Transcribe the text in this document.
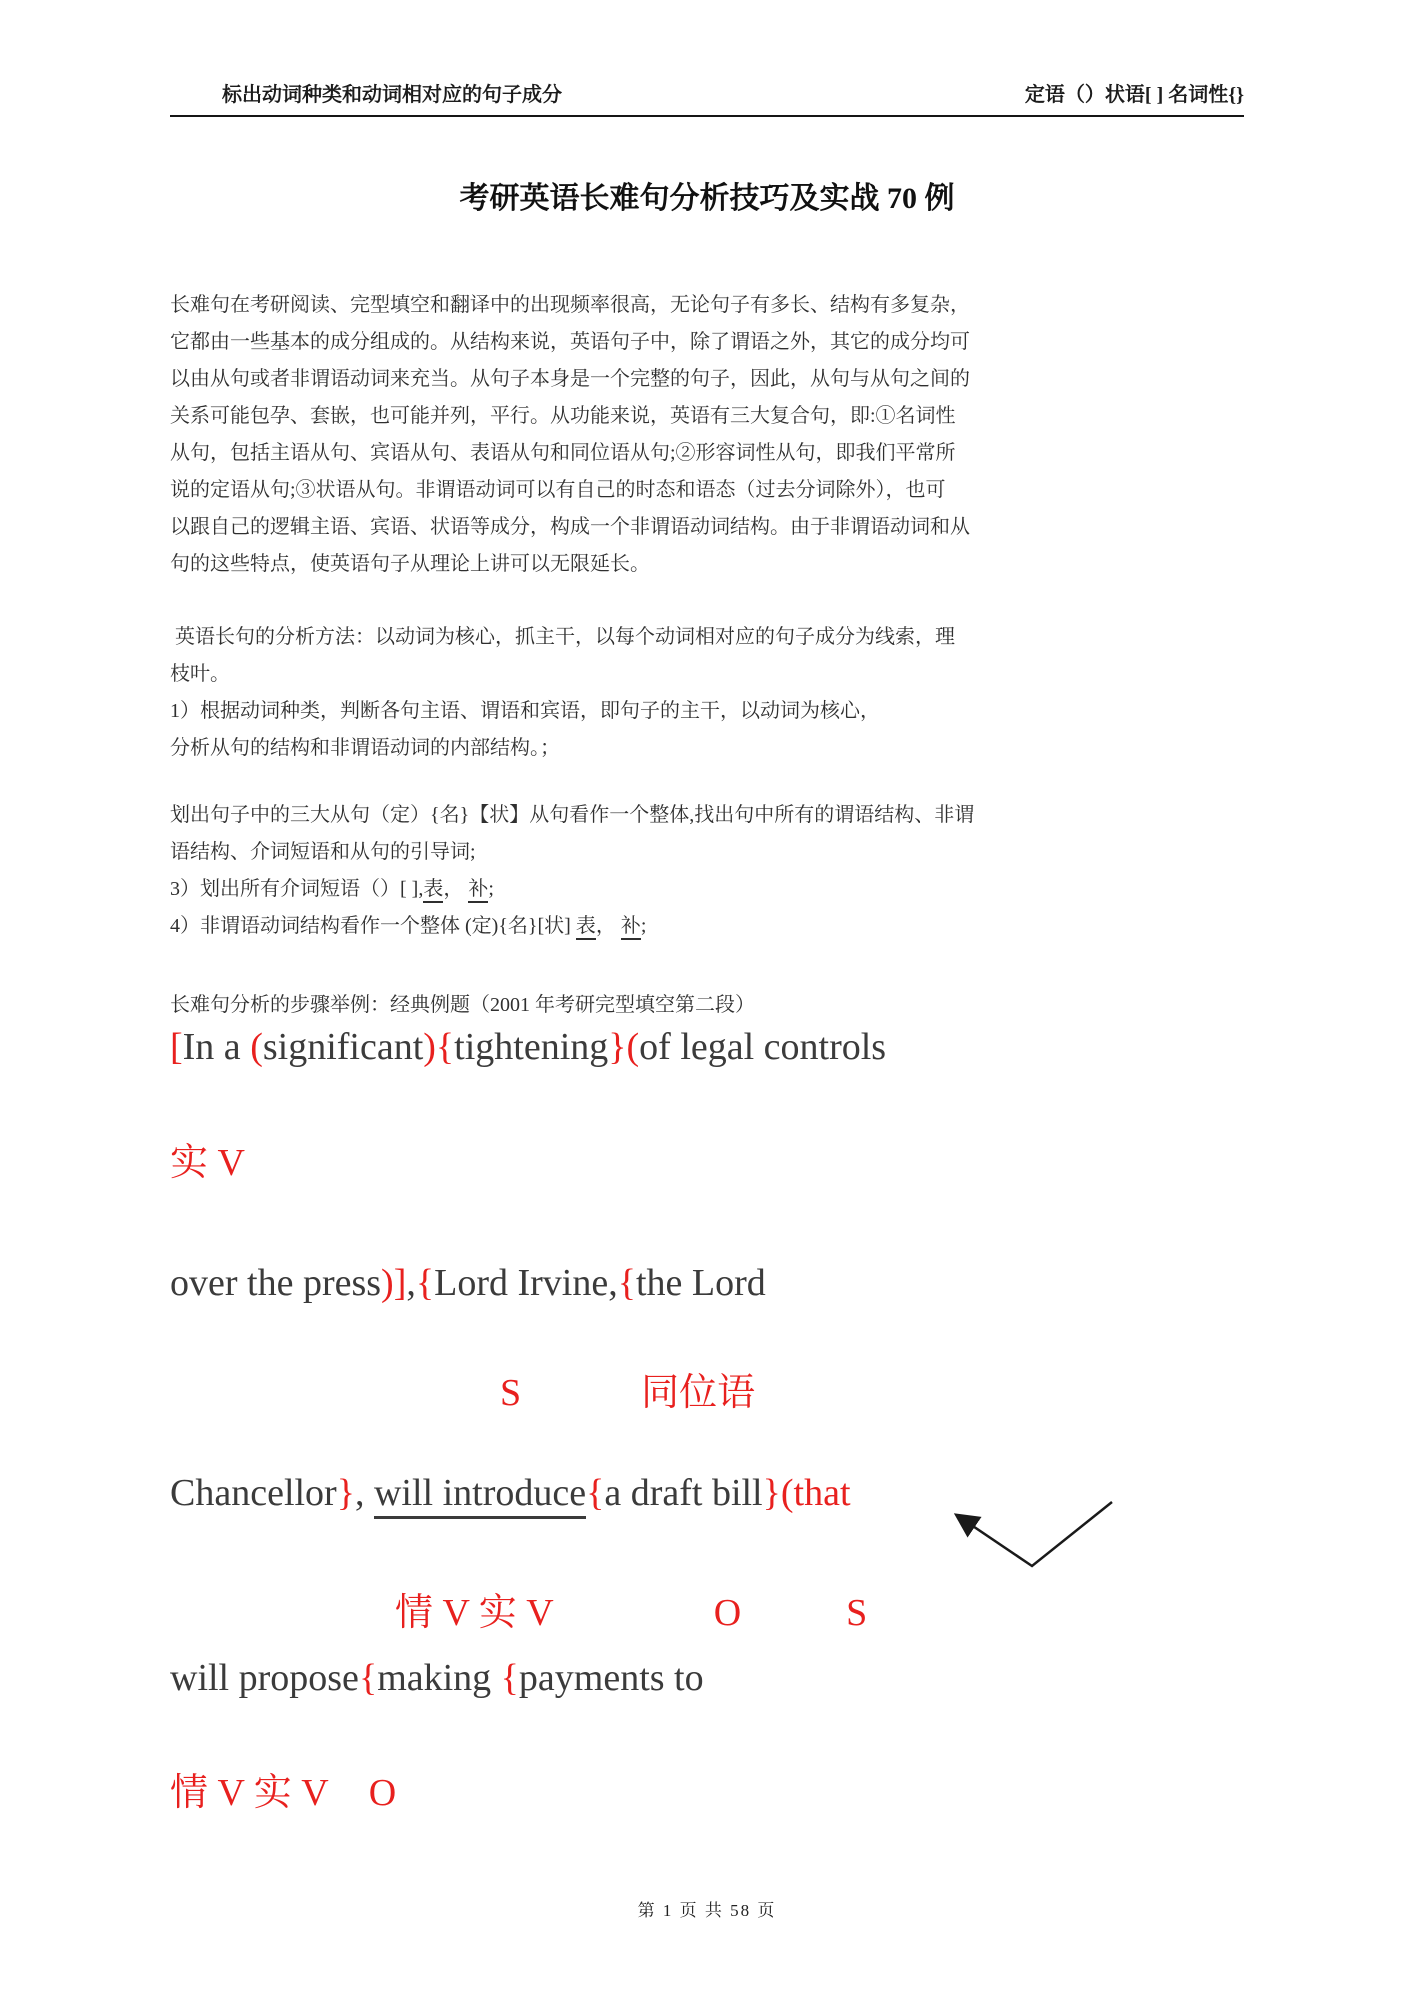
标出动词种类和动词相对应的句子成分	定语（）状语[ ] 名词性{}
考研英语长难句分析技巧及实战 70 例
长难句在考研阅读、完型填空和翻译中的出现频率很高，无论句子有多长、结构有多复杂，
它都由一些基本的成分组成的。从结构来说，英语句子中，除了谓语之外，其它的成分均可
以由从句或者非谓语动词来充当。从句子本身是一个完整的句子，因此，从句与从句之间的
关系可能包孕、套嵌，也可能并列，平行。从功能来说，英语有三大复合句，即:①名词性
从句，包括主语从句、宾语从句、表语从句和同位语从句;②形容词性从句，即我们平常所
说的定语从句;③状语从句。非谓语动词可以有自己的时态和语态（过去分词除外），也可
以跟自己的逻辑主语、宾语、状语等成分，构成一个非谓语动词结构。由于非谓语动词和从
句的这些特点，使英语句子从理论上讲可以无限延长。
英语长句的分析方法：以动词为核心，抓主干，以每个动词相对应的句子成分为线索，理
枝叶。
1）根据动词种类，判断各句主语、谓语和宾语，即句子的主干，以动词为核心，
分析从句的结构和非谓语动词的内部结构。；
划出句子中的三大从句（定）{名}【状】从句看作一个整体,找出句中所有的谓语结构、非谓
语结构、介词短语和从句的引导词;
3）划出所有介词短语（）[ ],表， 补;
4）非谓语动词结构看作一个整体 (定){名}[状] 表， 补;
长难句分析的步骤举例：经典例题（2001 年考研完型填空第二段）
[In a (significant){tightening}(of legal controls
实 V
over the press)],{Lord Irvine,{the Lord
S	同位语
Chancellor}, will introduce{a draft bill}(that
情 V 实 V	O	S
will propose{making {payments to
情 V 实 V O
第 1 页 共 58 页
